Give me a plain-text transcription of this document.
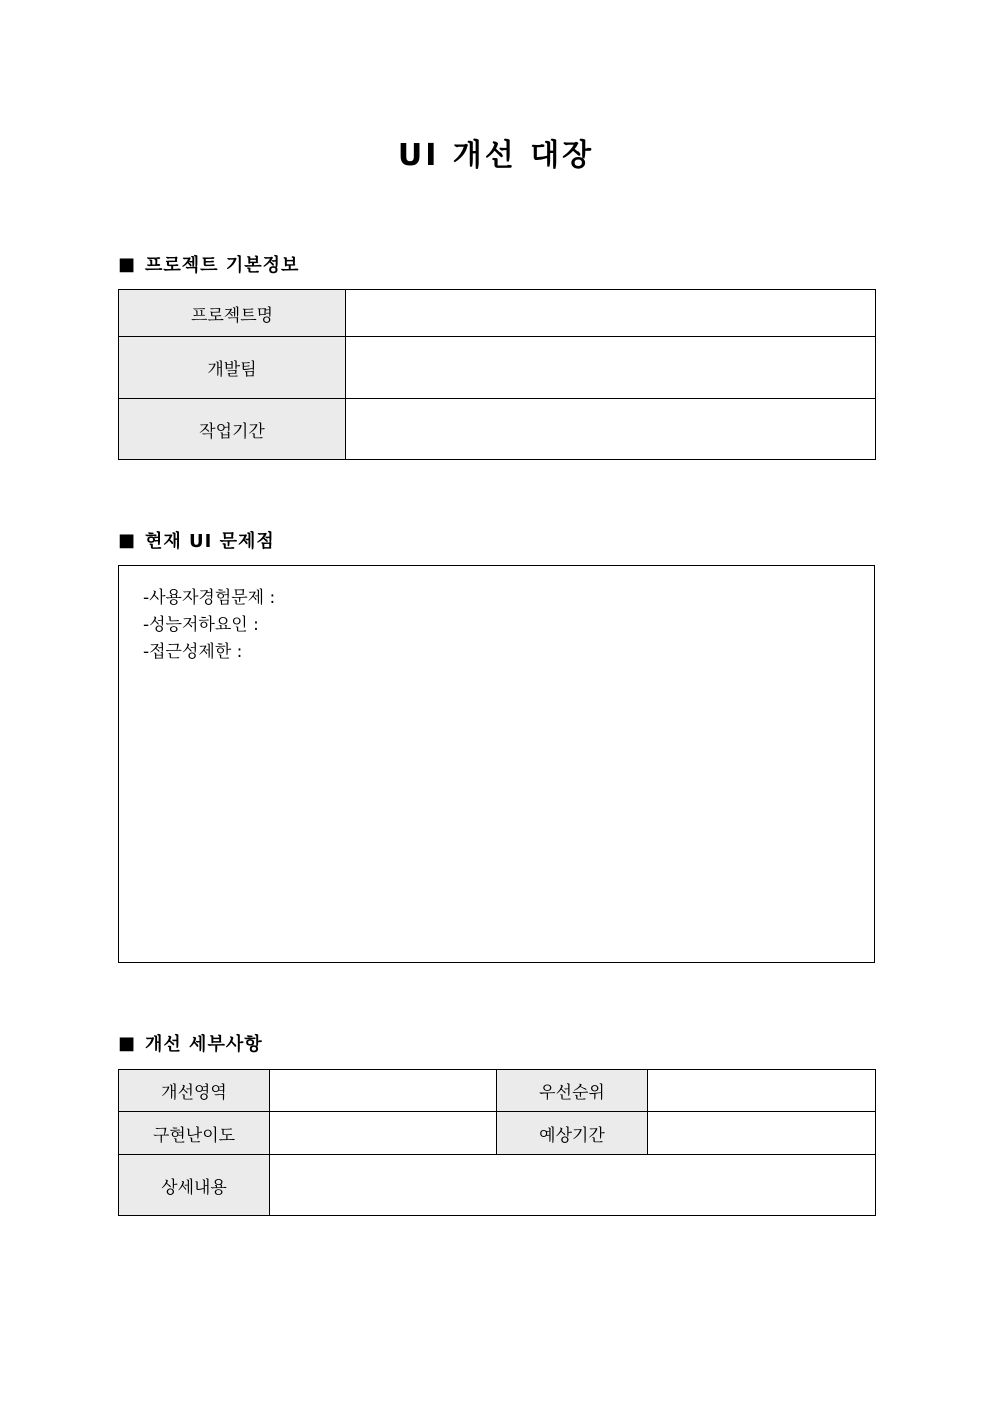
UI 개선 대장
■ 프로젝트 기본정보
프로젝트명	
개발팀	
작업기간	
■ 현재 UI 문제점
-사용자경험문제 :
-성능저하요인 :
-접근성제한 :
■ 개선 세부사항
개선영역		우선순위	
구현난이도		예상기간	
상세내용			
